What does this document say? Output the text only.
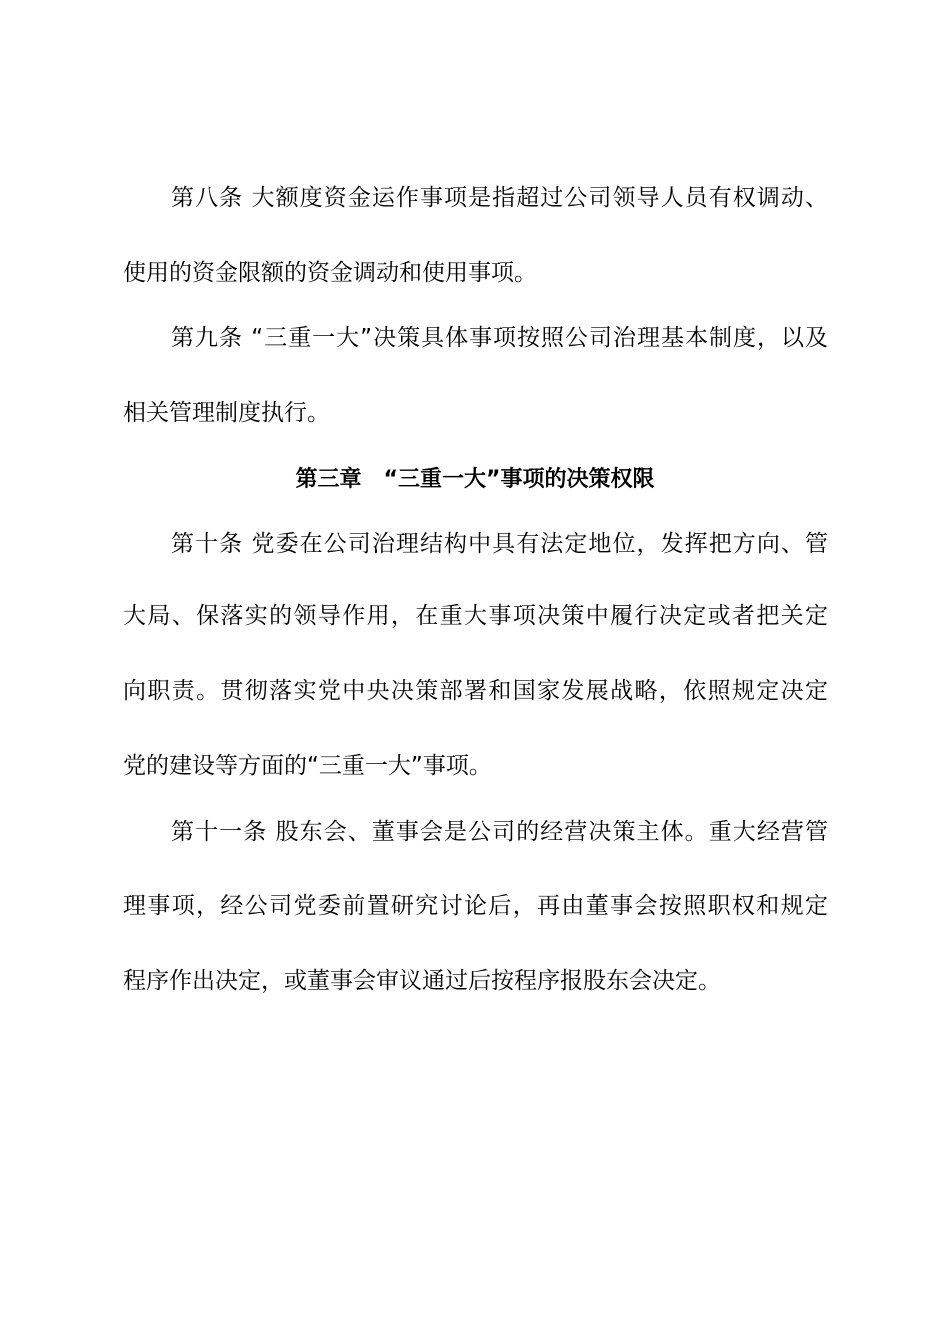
第八条 大额度资金运作事项是指超过公司领导人员有权调动、
使用的资金限额的资金调动和使用事项。
第九条 “三重一大”决策具体事项按照公司治理基本制度，以及
相关管理制度执行。
第三章　“三重一大”事项的决策权限
第十条 党委在公司治理结构中具有法定地位，发挥把方向、管
大局、保落实的领导作用，在重大事项决策中履行决定或者把关定
向职责。贯彻落实党中央决策部署和国家发展战略，依照规定决定
党的建设等方面的“三重一大”事项。
第十一条 股东会、董事会是公司的经营决策主体。重大经营管
理事项，经公司党委前置研究讨论后，再由董事会按照职权和规定
程序作出决定，或董事会审议通过后按程序报股东会决定。
